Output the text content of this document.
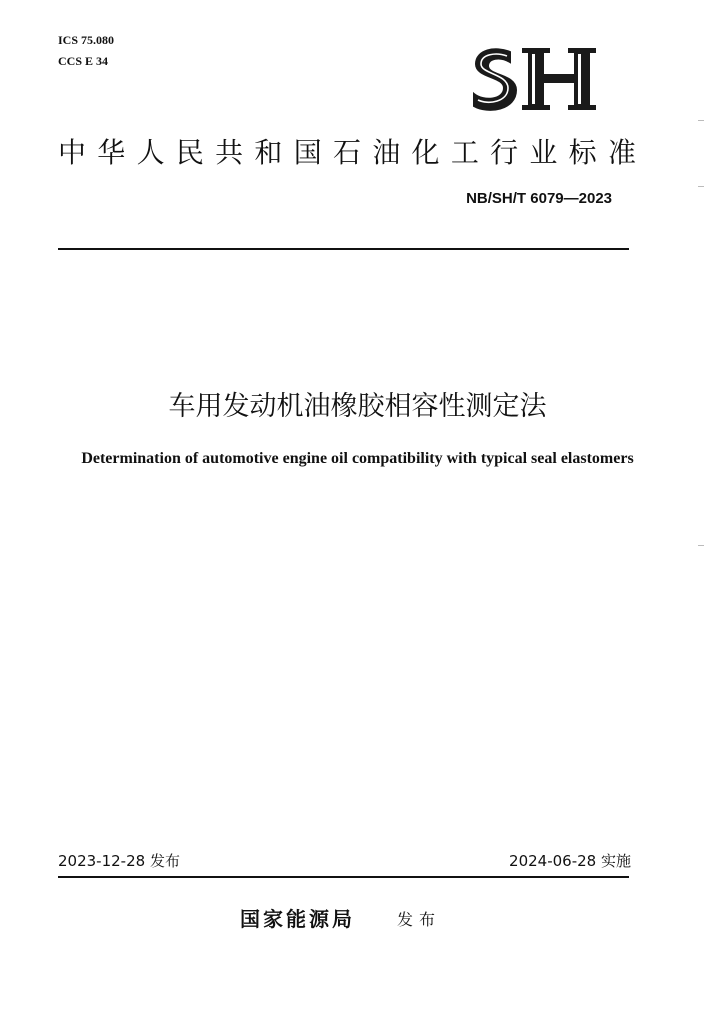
ICS 75.080
CCS E 34
SH
中 华 人 民 共 和 国 石 油 化 工 行 业 标 准
NB/SH/T 6079—2023
车用发动机油橡胶相容性测定法
Determination of automotive engine oil compatibility with typical seal elastomers
2023-12-28 发布	2024-06-28 实施
国家能源局	发布
